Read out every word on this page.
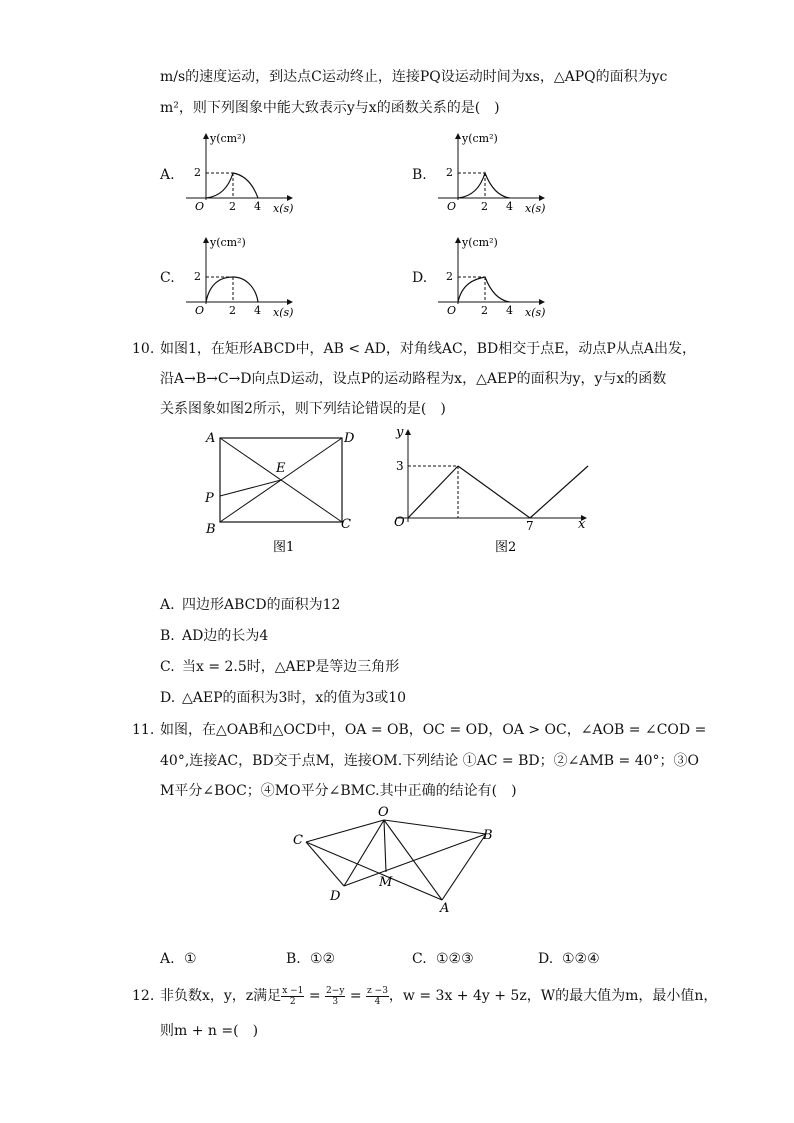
m/s的速度运动，到达点C运动终止，连接PQ设运动时间为xs，△APQ的面积为yc
m²，则下列图象中能大致表示y与x的函数关系的是(　)
A.	B.
C.	D.
y(cm²)
2
O 2 4 x(s)
y(cm²)
2
O 2 4 x(s)
y(cm²)
2
O 2 4 x(s)
y(cm²)
2
O 2 4 x(s)
10. 如图1，在矩形ABCD中，AB < AD，对角线AC，BD相交于点E，动点P从点A出发，
沿A→B→C→D向点D运动，设点P的运动路程为x，△AEP的面积为y，y与x的函数
关系图象如图2所示，则下列结论错误的是(　)
A	D
B	C
E
P
图1
y
x
O
3
7
图2
A. 四边形ABCD的面积为12
B. AD边的长为4
C. 当x = 2.5时，△AEP是等边三角形
D. △AEP的面积为3时，x的值为3或10
11. 如图，在△OAB和△OCD中，OA = OB，OC = OD，OA > OC，∠AOB = ∠COD =
40°,连接AC，BD交于点M，连接OM.下列结论 ①AC = BD；②∠AMB = 40°；③O
M平分∠BOC；④MO平分∠BMC.其中正确的结论有(　)
O
C	B
D
M
A
A. ①	B. ①②	C. ①②③	D. ①②④
12. 非负数x，y，z满足 $\frac{x -1}{2} = \frac{2-y}{3} = \frac{z -3}{4}$ ，w = 3x + 4y + 5z，W的最大值为m，最小值n，
则m + n =(　)
